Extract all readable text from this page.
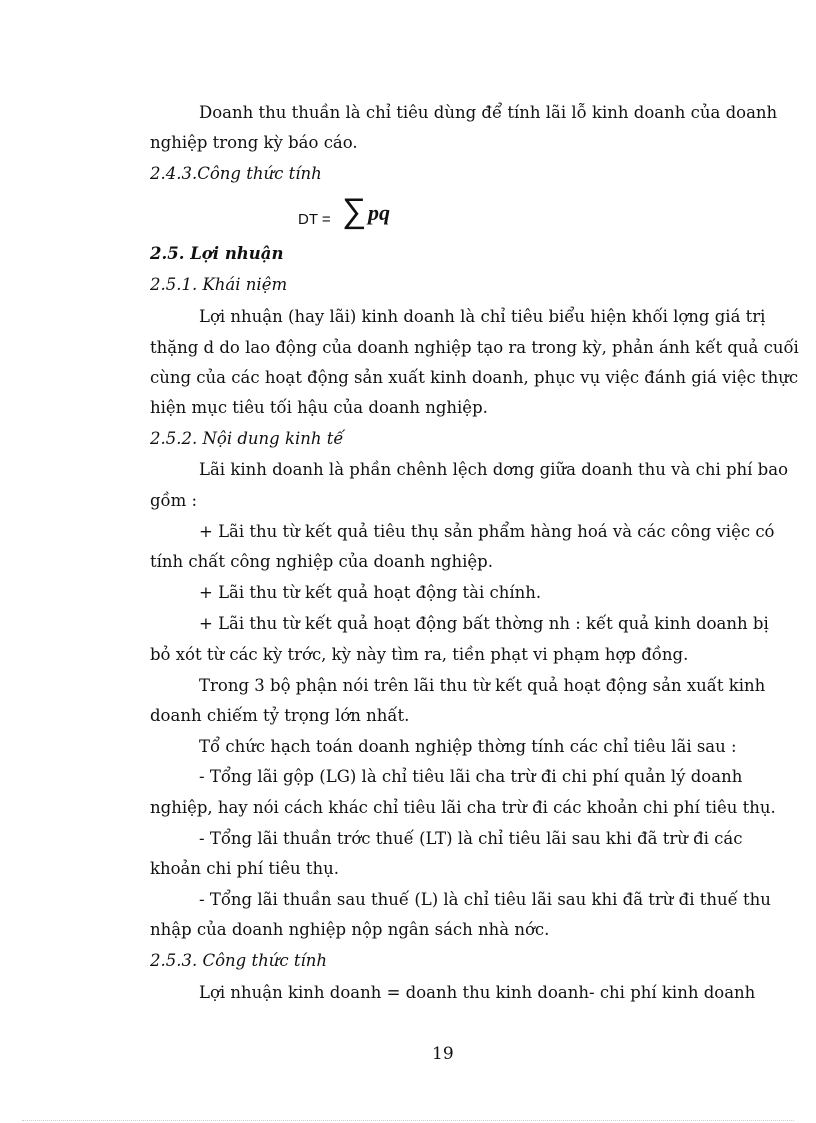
Doanh thu thuần là chỉ tiêu dùng để tính lãi lỗ kinh doanh của doanh
nghiệp trong kỳ báo cáo.
2.4.3.Công thức tính
DT = ∑ pq
2.5. Lợi nhuận
2.5.1. Khái niệm
Lợi nhuận (hay lãi) kinh doanh là chỉ tiêu biểu hiện khối lợng giá trị
thặng d do lao động của doanh nghiệp tạo ra trong kỳ, phản ánh kết quả cuối
cùng của các hoạt động sản xuất kinh doanh, phục vụ việc đánh giá việc thực
hiện mục tiêu tối hậu của doanh nghiệp.
2.5.2. Nội dung kinh tế
Lãi kinh doanh là phần chênh lệch dơng giữa doanh thu và chi phí bao
gồm :
+ Lãi thu từ kết quả tiêu thụ sản phẩm hàng hoá và các công việc có
tính chất công nghiệp của doanh nghiệp.
+ Lãi thu từ kết quả hoạt động tài chính.
+ Lãi thu từ kết quả hoạt động bất thờng nh : kết quả kinh doanh bị
bỏ xót từ các kỳ trớc, kỳ này tìm ra, tiền phạt vi phạm hợp đồng.
Trong 3 bộ phận nói trên lãi thu từ kết quả hoạt động sản xuất kinh
doanh chiếm tỷ trọng lớn nhất.
Tổ chức hạch toán doanh nghiệp thờng tính các chỉ tiêu lãi sau :
- Tổng lãi gộp (LG) là chỉ tiêu lãi cha trừ đi chi phí quản lý doanh
nghiệp, hay nói cách khác chỉ tiêu lãi cha trừ đi các khoản chi phí tiêu thụ.
- Tổng lãi thuần trớc thuế (LT) là chỉ tiêu lãi sau khi đã trừ đi các
khoản chi phí tiêu thụ.
- Tổng lãi thuần sau thuế (L) là chỉ tiêu lãi sau khi đã trừ đi thuế thu
nhập của doanh nghiệp nộp ngân sách nhà nớc.
2.5.3. Công thức tính
Lợi nhuận kinh doanh = doanh thu kinh doanh- chi phí kinh doanh
19
